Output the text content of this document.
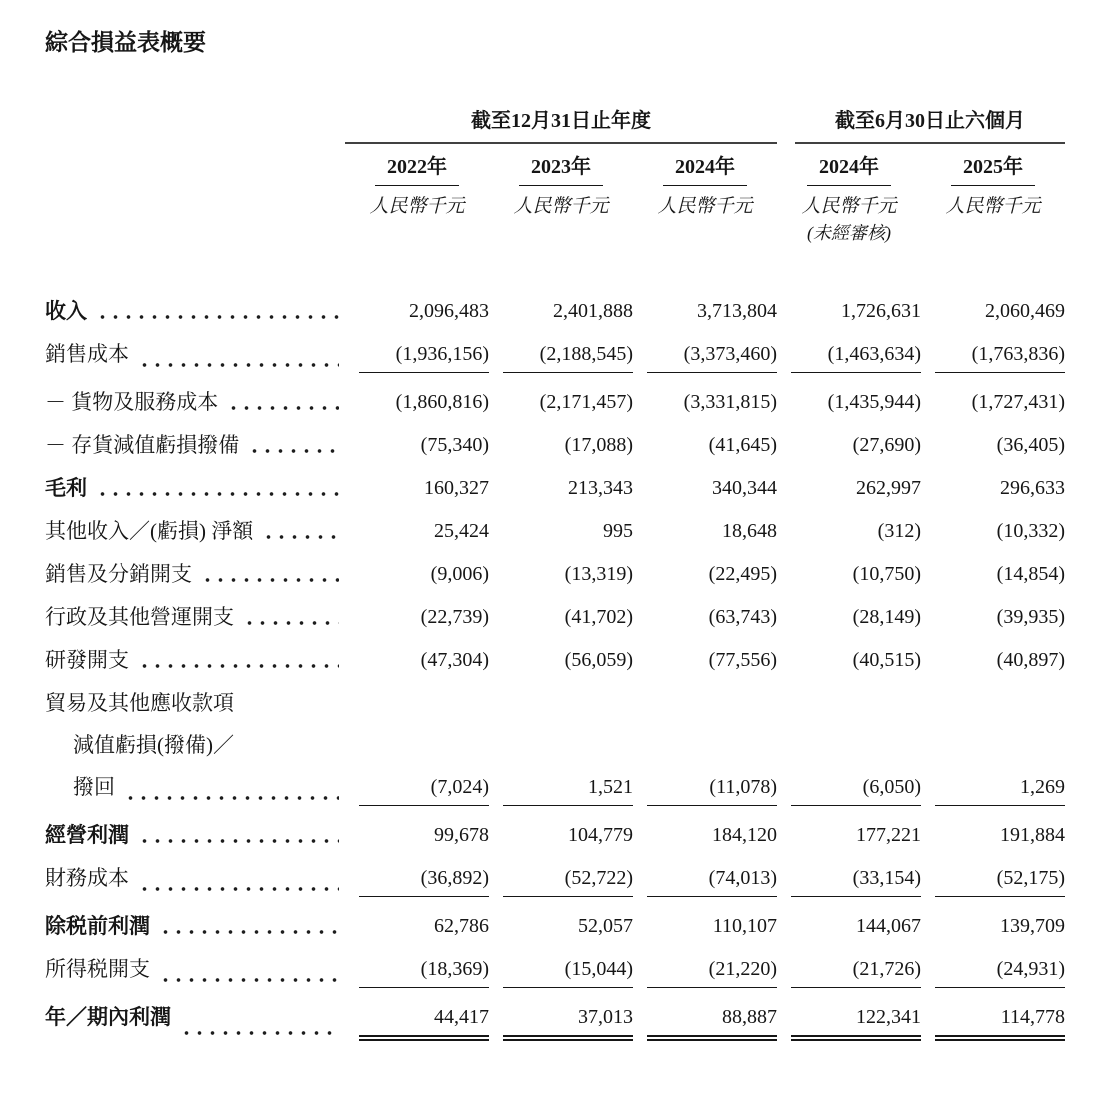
綜合損益表概要
截至12月31日止年度	截至6月30日止六個月
2022年	2023年	2024年	2024年	2025年
人民幣千元	人民幣千元	人民幣千元	人民幣千元	人民幣千元
(未經審核)
收入	2,096,483	2,401,888	3,713,804	1,726,631	2,060,469
銷售成本	(1,936,156)	(2,188,545)	(3,373,460)	(1,463,634)	(1,763,836)
－ 貨物及服務成本	(1,860,816)	(2,171,457)	(3,331,815)	(1,435,944)	(1,727,431)
－ 存貨減值虧損撥備	(75,340)	(17,088)	(41,645)	(27,690)	(36,405)
毛利	160,327	213,343	340,344	262,997	296,633
其他收入／(虧損) 淨額	25,424	995	18,648	(312)	(10,332)
銷售及分銷開支	(9,006)	(13,319)	(22,495)	(10,750)	(14,854)
行政及其他營運開支	(22,739)	(41,702)	(63,743)	(28,149)	(39,935)
研發開支	(47,304)	(56,059)	(77,556)	(40,515)	(40,897)
貿易及其他應收款項
減值虧損(撥備)／
撥回	(7,024)	1,521	(11,078)	(6,050)	1,269
經營利潤	99,678	104,779	184,120	177,221	191,884
財務成本	(36,892)	(52,722)	(74,013)	(33,154)	(52,175)
除税前利潤	62,786	52,057	110,107	144,067	139,709
所得税開支	(18,369)	(15,044)	(21,220)	(21,726)	(24,931)
年／期內利潤	44,417	37,013	88,887	122,341	114,778
